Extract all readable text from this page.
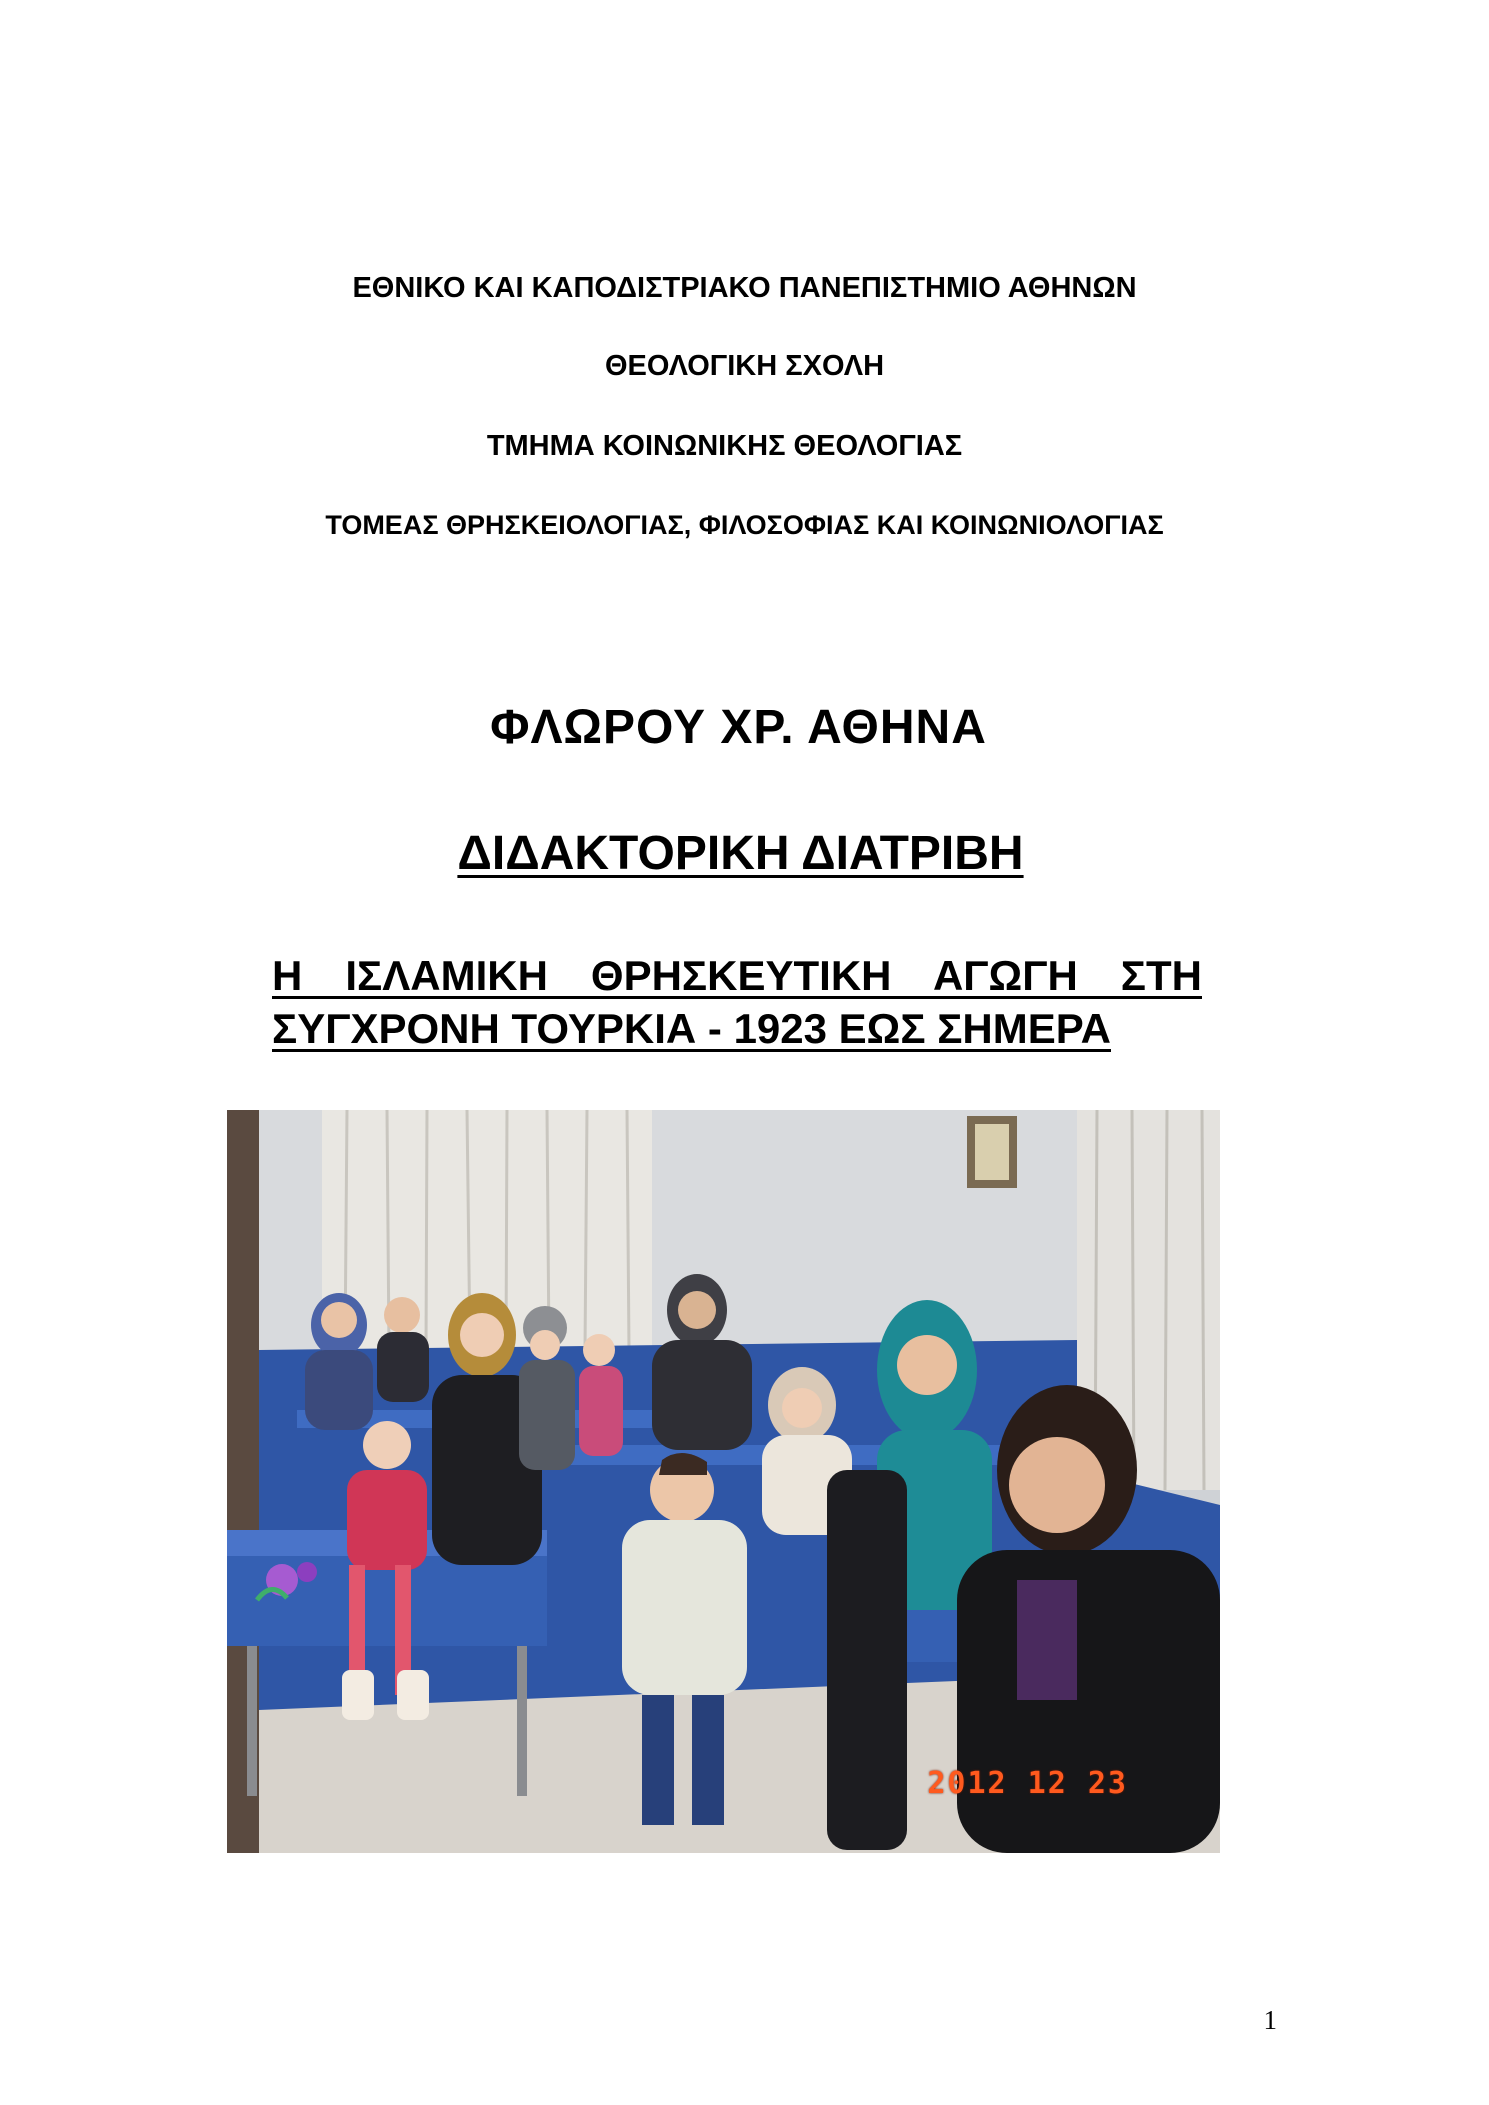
ΕΘΝΙΚΟ ΚΑΙ ΚΑΠΟΔΙΣΤΡΙΑΚΟ ΠΑΝΕΠΙΣΤΗΜΙΟ ΑΘΗΝΩΝ

ΘΕΟΛΟΓΙΚΗ ΣΧΟΛΗ

ΤΜΗΜΑ ΚΟΙΝΩΝΙΚΗΣ ΘΕΟΛΟΓΙΑΣ

ΤΟΜΕΑΣ ΘΡΗΣΚΕΙΟΛΟΓΙΑΣ, ΦΙΛΟΣΟΦΙΑΣ ΚΑΙ ΚΟΙΝΩΝΙΟΛΟΓΙΑΣ

ΦΛΩΡΟΥ ΧΡ. ΑΘΗΝΑ

ΔΙΔΑΚΤΟΡΙΚΗ ΔΙΑΤΡΙΒΗ

Η ΙΣΛΑΜΙΚΗ ΘΡΗΣΚΕΥΤΙΚΗ ΑΓΩΓΗ ΣΤΗ

ΣΥΓΧΡΟΝΗ ΤΟΥΡΚΙΑ - 1923 ΕΩΣ ΣΗΜΕΡΑ

2012 12 23

1
